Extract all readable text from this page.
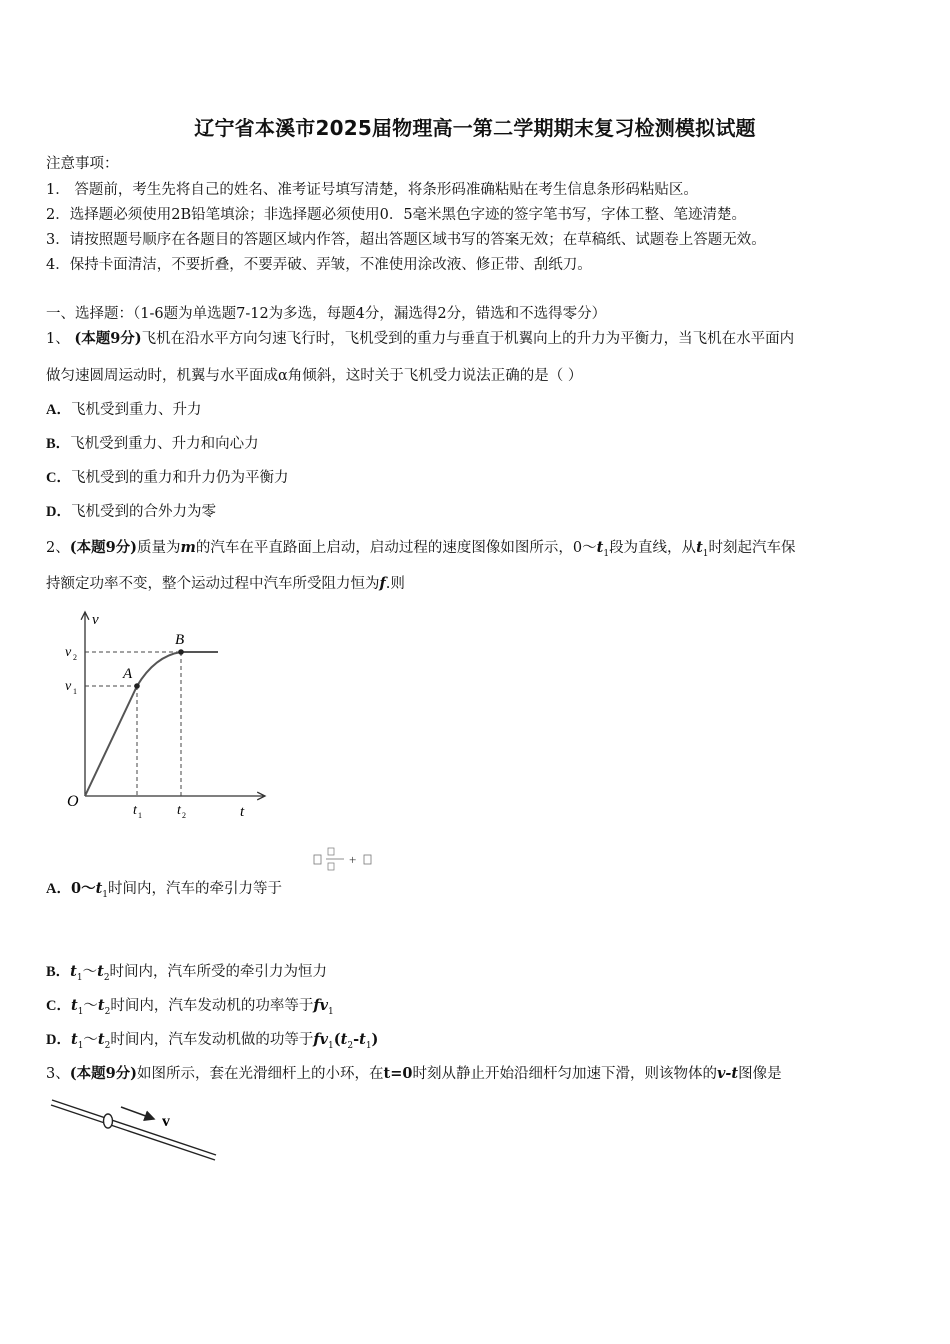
辽宁省本溪市2025届物理高一第二学期期末复习检测模拟试题
注意事项：
1． 答题前，考生先将自己的姓名、准考证号填写清楚，将条形码准确粘贴在考生信息条形码粘贴区。
2．选择题必须使用2B铅笔填涂；非选择题必须使用0．5毫米黑色字迹的签字笔书写，字体工整、笔迹清楚。
3．请按照题号顺序在各题目的答题区域内作答，超出答题区域书写的答案无效；在草稿纸、试题卷上答题无效。
4．保持卡面清洁，不要折叠，不要弄破、弄皱，不准使用涂改液、修正带、刮纸刀。
一、选择题：（1-6题为单选题7-12为多选，每题4分，漏选得2分，错选和不选得零分）
1、 (本题9分)飞机在沿水平方向匀速飞行时，飞机受到的重力与垂直于机翼向上的升力为平衡力，当飞机在水平面内
做匀速圆周运动时，机翼与水平面成α角倾斜，这时关于飞机受力说法正确的是（ ）
A．飞机受到重力、升力
B．飞机受到重力、升力和向心力
C．飞机受到的重力和升力仍为平衡力
D．飞机受到的合外力为零
2、(本题9分)质量为m的汽车在平直路面上启动，启动过程的速度图像如图所示，$0\sim t_1$段为直线，从$t_1$时刻起汽车保
持额定功率不变，整个运动过程中汽车所受阻力恒为f.则
v
t
O
A
B
v 1
v 2
t 1	t 2
+
A．$0\sim t_1$时间内，汽车的牵引力等于
B．$t_1\sim t_2$时间内，汽车所受的牵引力为恒力
C．$t_1\sim t_2$时间内，汽车发动机的功率等于$fv_1$
D．$t_1\sim t_2$时间内，汽车发动机做的功等于$fv_1(t_2-t_1)$
3、(本题9分)如图所示，套在光滑细杆上的小环，在t=0时刻从静止开始沿细杆匀加速下滑，则该物体的v-t图像是
v
